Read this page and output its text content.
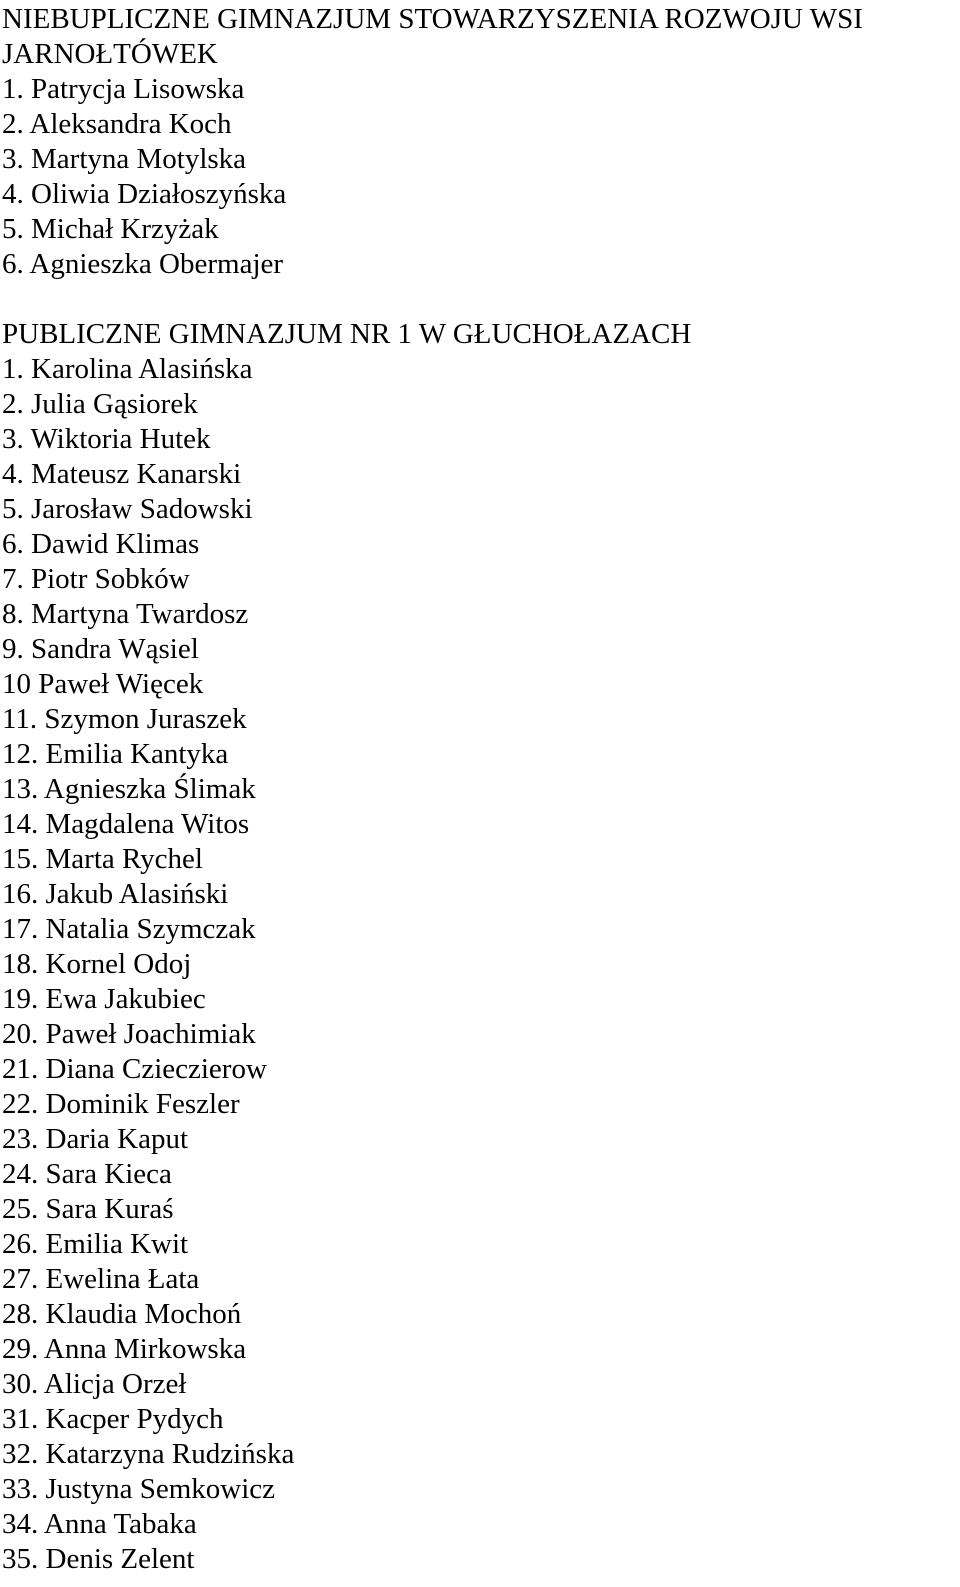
NIEBUPLICZNE GIMNAZJUM STOWARZYSZENIA ROZWOJU WSI JARNOŁTÓWEK
1. Patrycja Lisowska
2. Aleksandra Koch
3. Martyna Motylska
4. Oliwia Działoszyńska
5. Michał Krzyżak
6. Agnieszka Obermajer
PUBLICZNE GIMNAZJUM NR 1 W GŁUCHOŁAZACH
1. Karolina Alasińska
2. Julia Gąsiorek
3. Wiktoria Hutek
4. Mateusz Kanarski
5. Jarosław Sadowski
6. Dawid Klimas
7. Piotr Sobków
8. Martyna Twardosz
9. Sandra Wąsiel
10 Paweł Więcek
11. Szymon Juraszek
12. Emilia Kantyka
13. Agnieszka Ślimak
14. Magdalena Witos
15. Marta Rychel
16. Jakub Alasiński
17. Natalia Szymczak
18. Kornel Odoj
19. Ewa Jakubiec
20. Paweł Joachimiak
21. Diana Czieczierow
22. Dominik Feszler
23. Daria Kaput
24. Sara Kieca
25. Sara Kuraś
26. Emilia Kwit
27. Ewelina Łata
28. Klaudia Mochoń
29. Anna Mirkowska
30. Alicja Orzeł
31. Kacper Pydych
32. Katarzyna Rudzińska
33. Justyna Semkowicz
34. Anna Tabaka
35. Denis Zelent
